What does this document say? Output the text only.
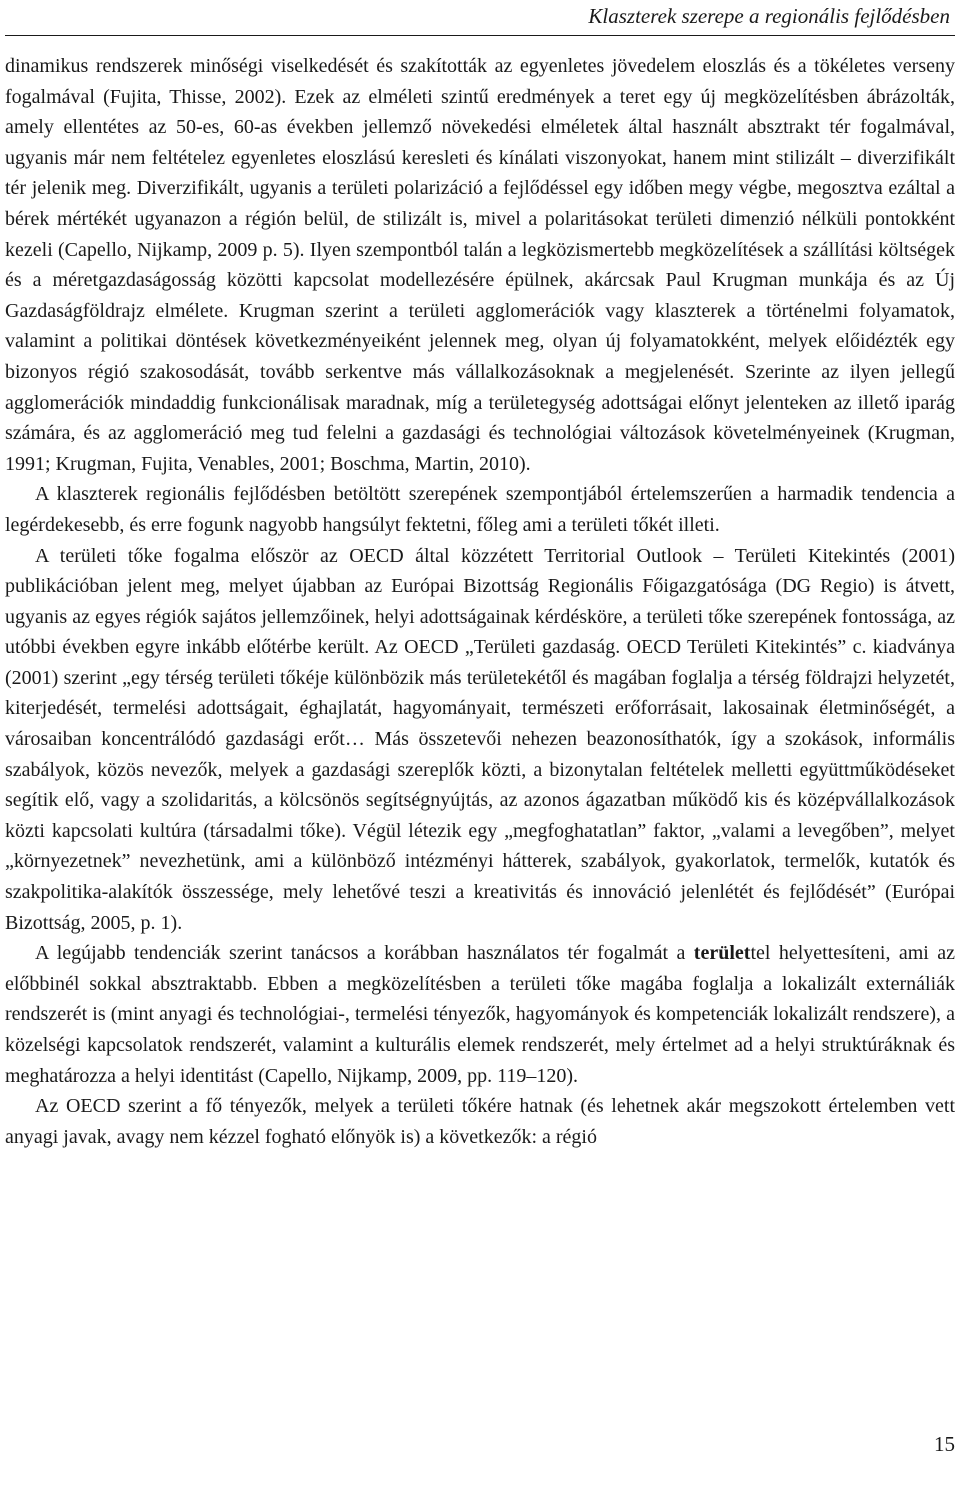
Klaszterek szerepe a regionális fejlődésben

dinamikus rendszerek minőségi viselkedését és szakították az egyenletes jövedelem eloszlás és a tökéletes verseny fogalmával (Fujita, Thisse, 2002). Ezek az elméleti szintű eredmények a teret egy új megközelítésben ábrázolták, amely ellentétes az 50-es, 60-as években jellemző növekedési elméletek által használt absztrakt tér fogalmával, ugyanis már nem feltételez egyenletes eloszlású keresleti és kínálati viszonyokat, hanem mint stilizált – diverzifikált tér jelenik meg. Diverzifikált, ugyanis a területi polarizáció a fejlődéssel egy időben megy végbe, megosztva ezáltal a bérek mértékét ugyanazon a régión belül, de stilizált is, mivel a polaritásokat területi dimenzió nélküli pontokként kezeli (Capello, Nijkamp, 2009 p. 5). Ilyen szempontból talán a legközismertebb megközelítések a szállítási költségek és a méretgazdaságosság közötti kapcsolat modellezésére épülnek, akárcsak Paul Krugman munkája és az Új Gazdaságföldrajz elmélete. Krugman szerint a területi agglomerációk vagy klaszterek a történelmi folyamatok, valamint a politikai döntések következményeiként jelennek meg, olyan új folyamatokként, melyek előidézték egy bizonyos régió szakosodását, tovább serkentve más vállalkozásoknak a megjelenését. Szerinte az ilyen jellegű agglomerációk mindaddig funkcionálisak maradnak, míg a területegység adottságai előnyt jelenteken az illető iparág számára, és az agglomeráció meg tud felelni a gazdasági és technológiai változások követelményeinek (Krugman, 1991; Krugman, Fujita, Venables, 2001; Boschma, Martin, 2010).

A klaszterek regionális fejlődésben betöltött szerepének szempontjából értelemszerűen a harmadik tendencia a legérdekesebb, és erre fogunk nagyobb hangsúlyt fektetni, főleg ami a területi tőkét illeti.

A területi tőke fogalma először az OECD által közzétett Territorial Outlook – Területi Kitekintés (2001) publikációban jelent meg, melyet újabban az Európai Bizottság Regionális Főigazgatósága (DG Regio) is átvett, ugyanis az egyes régiók sajátos jellemzőinek, helyi adottságainak kérdésköre, a területi tőke szerepének fontossága, az utóbbi években egyre inkább előtérbe került. Az OECD „Területi gazdaság. OECD Területi Kitekintés” c. kiadványa (2001) szerint „egy térség területi tőkéje különbözik más területekétől és magában foglalja a térség földrajzi helyzetét, kiterjedését, termelési adottságait, éghajlatát, hagyományait, természeti erőforrásait, lakosainak életminőségét, a városaiban koncentrálódó gazdasági erőt… Más összetevői nehezen beazonosíthatók, így a szokások, informális szabályok, közös nevezők, melyek a gazdasági szereplők közti, a bizonytalan feltételek melletti együttműködéseket segítik elő, vagy a szolidaritás, a kölcsönös segítségnyújtás, az azonos ágazatban működő kis és középvállalkozások közti kapcsolati kultúra (társadalmi tőke). Végül létezik egy „megfoghatatlan” faktor, „valami a levegőben”, melyet „környezetnek” nevezhetünk, ami a különböző intézményi hátterek, szabályok, gyakorlatok, termelők, kutatók és szakpolitika-alakítók összessége, mely lehetővé teszi a kreativitás és innováció jelenlétét és fejlődését” (Európai Bizottság, 2005, p. 1).

A legújabb tendenciák szerint tanácsos a korábban használatos tér fogalmát a területtel helyettesíteni, ami az előbbinél sokkal absztraktabb. Ebben a megközelítésben a területi tőke magába foglalja a lokalizált externáliák rendszerét is (mint anyagi és technológiai-, termelési tényezők, hagyományok és kompetenciák lokalizált rendszere), a közelségi kapcsolatok rendszerét, valamint a kulturális elemek rendszerét, mely értelmet ad a helyi struktúráknak és meghatározza a helyi identitást (Capello, Nijkamp, 2009, pp. 119–120).

Az OECD szerint a fő tényezők, melyek a területi tőkére hatnak (és lehetnek akár megszokott értelemben vett anyagi javak, avagy nem kézzel fogható előnyök is) a következők: a régió

15
